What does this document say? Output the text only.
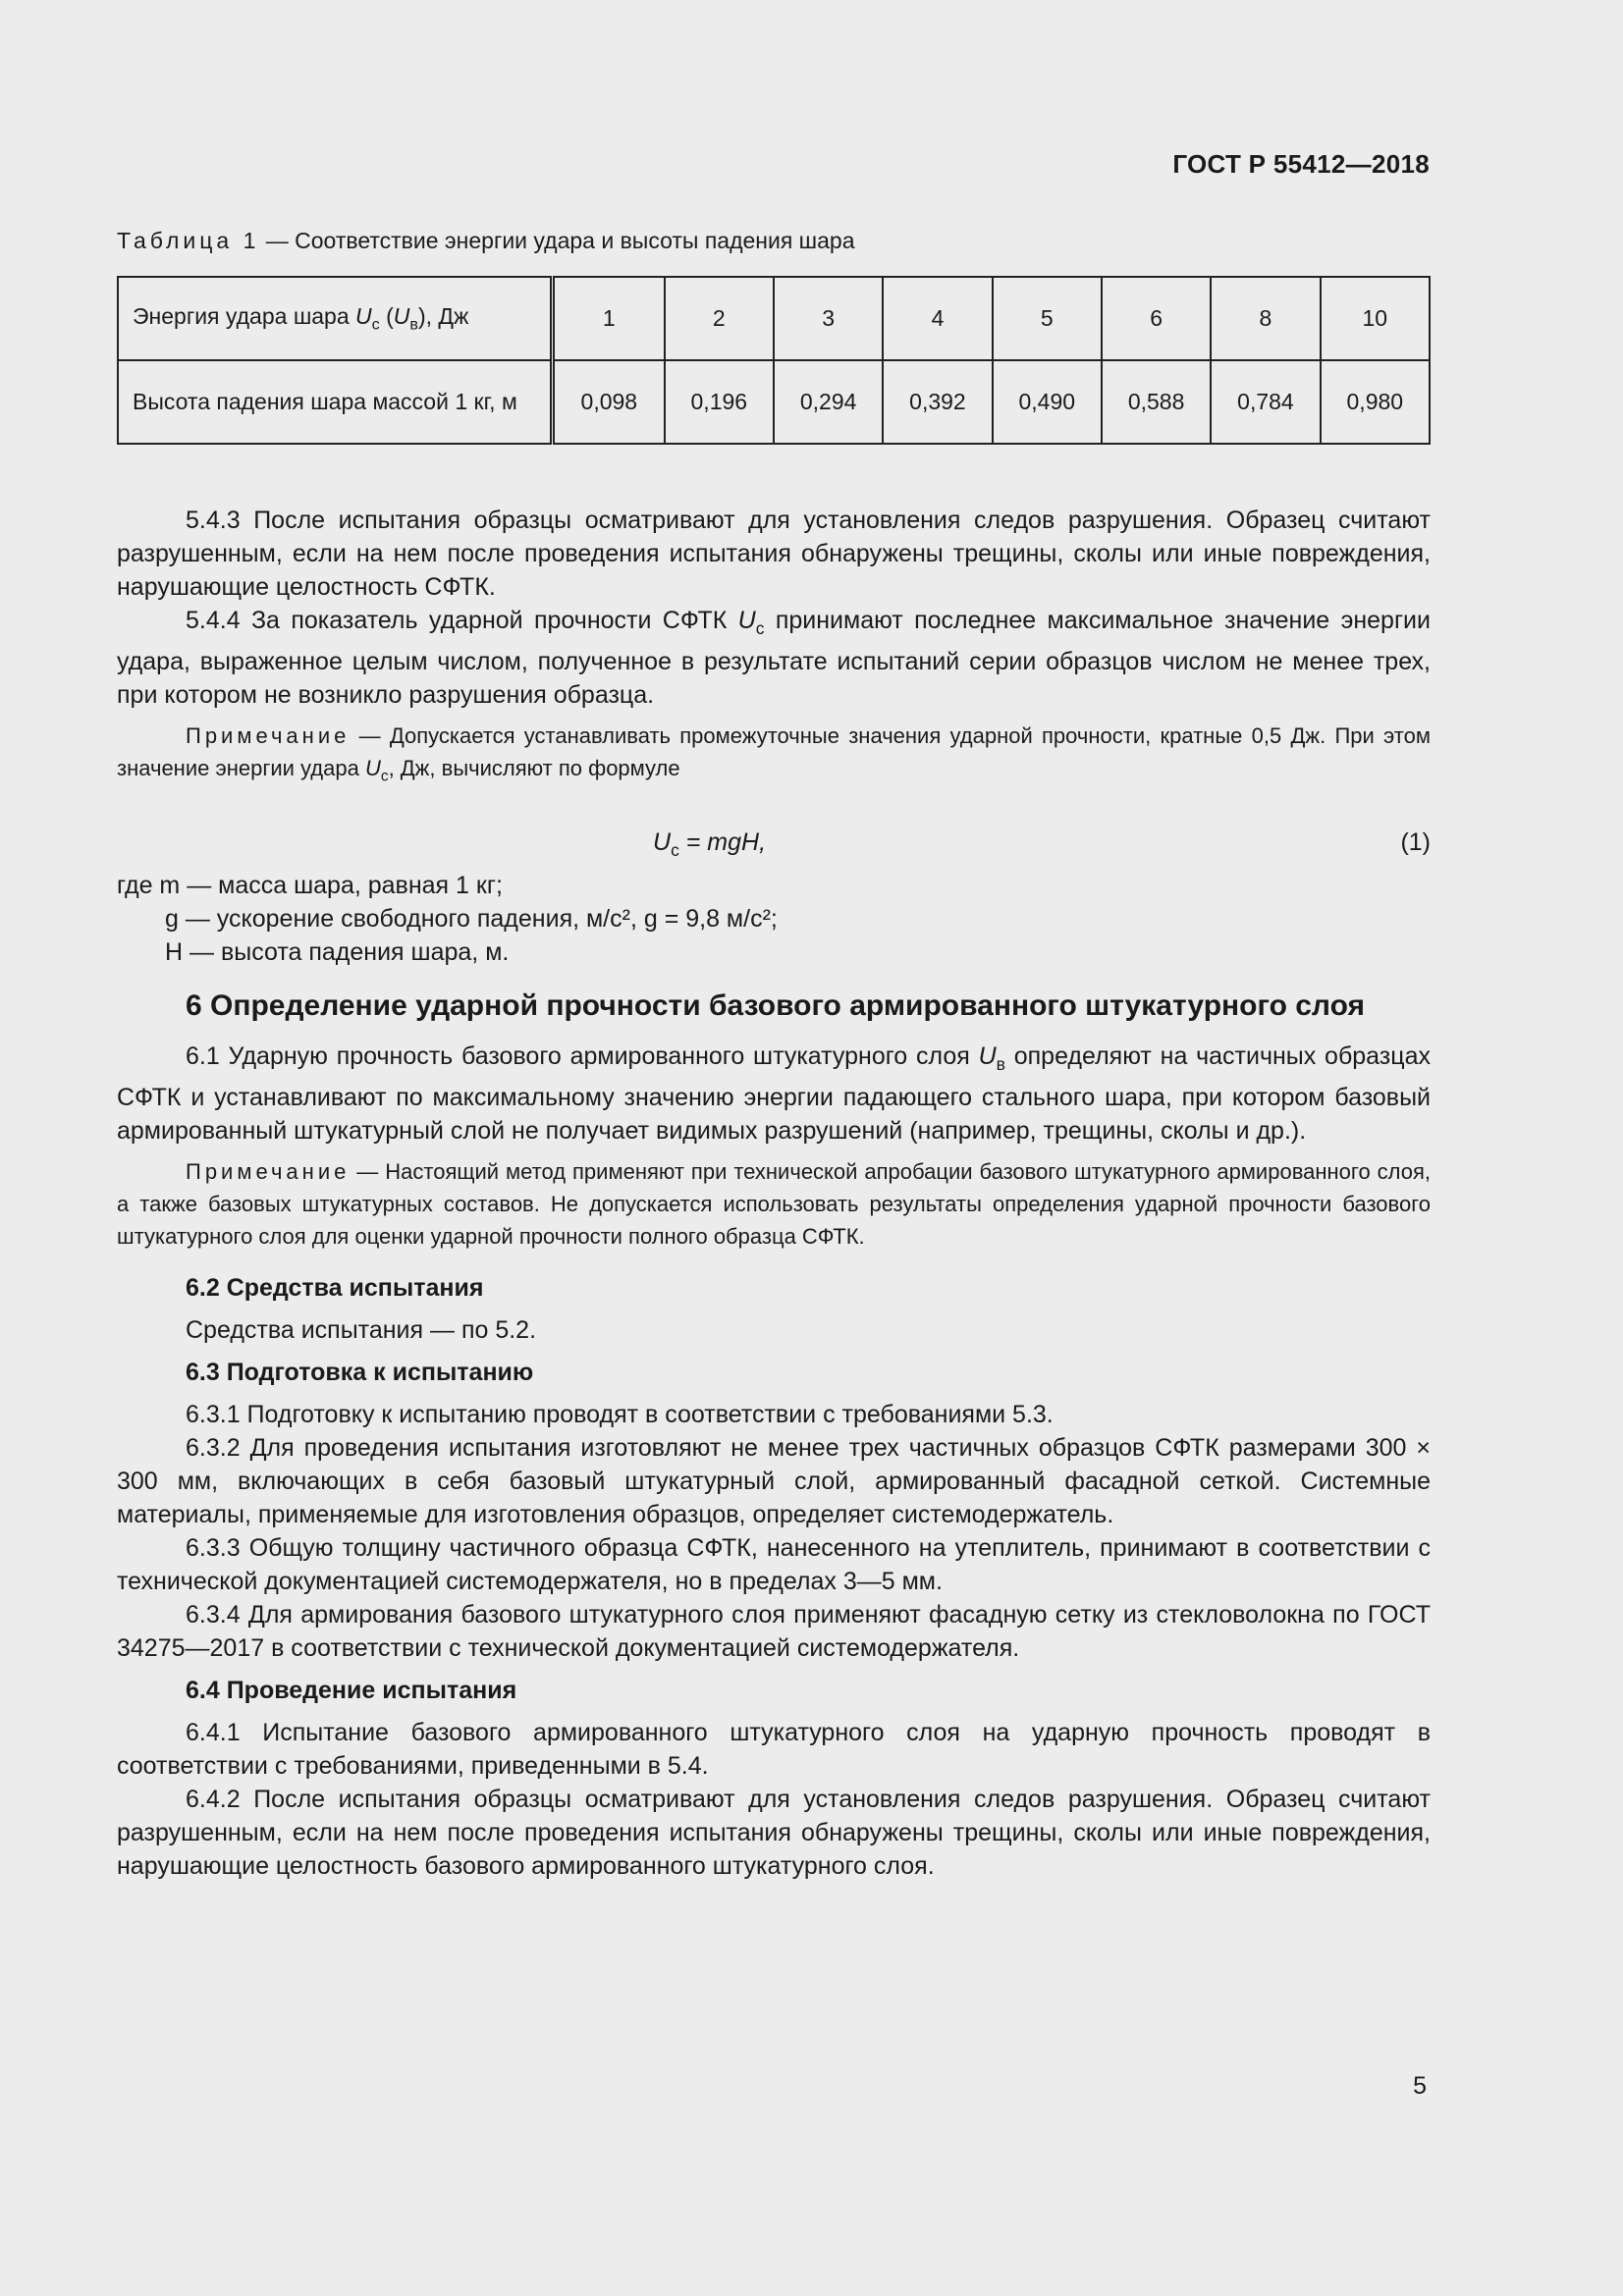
ГОСТ Р 55412—2018
Таблица 1 — Соответствие энергии удара и высоты падения шара
Энергия удара шара $U_c$ $(U_в)$, Дж	1	2	3	4	5	6	8	10
Высота падения шара массой 1 кг, м	0,098	0,196	0,294	0,392	0,490	0,588	0,784	0,980

5.4.3 После испытания образцы осматривают для установления следов разрушения. Образец считают разрушенным, если на нем после проведения испытания обнаружены трещины, сколы или иные повреждения, нарушающие целостность СФТК.

5.4.4 За показатель ударной прочности СФТК $U_c$ принимают последнее максимальное значение энергии удара, выраженное целым числом, полученное в результате испытаний серии образцов числом не менее трех, при котором не возникло разрушения образца.

Примечание — Допускается устанавливать промежуточные значения ударной прочности, кратные 0,5 Дж. При этом значение энергии удара $U_c$, Дж, вычисляют по формуле

$U_c$ = mgH,	(1)

где m — масса шара, равная 1 кг;

g — ускорение свободного падения, м/с², g = 9,8 м/с²;

H — высота падения шара, м.

6 Определение ударной прочности базового армированного штукатурного слоя

6.1 Ударную прочность базового армированного штукатурного слоя $U_в$ определяют на частичных образцах СФТК и устанавливают по максимальному значению энергии падающего стального шара, при котором базовый армированный штукатурный слой не получает видимых разрушений (например, трещины, сколы и др.).

Примечание — Настоящий метод применяют при технической апробации базового штукатурного армированного слоя, а также базовых штукатурных составов. Не допускается использовать результаты определения ударной прочности базового штукатурного слоя для оценки ударной прочности полного образца СФТК.

6.2 Средства испытания

Средства испытания — по 5.2.

6.3 Подготовка к испытанию

6.3.1 Подготовку к испытанию проводят в соответствии с требованиями 5.3.

6.3.2 Для проведения испытания изготовляют не менее трех частичных образцов СФТК размерами 300 × 300 мм, включающих в себя базовый штукатурный слой, армированный фасадной сеткой. Системные материалы, применяемые для изготовления образцов, определяет системодержатель.

6.3.3 Общую толщину частичного образца СФТК, нанесенного на утеплитель, принимают в соответствии с технической документацией системодержателя, но в пределах 3—5 мм.

6.3.4 Для армирования базового штукатурного слоя применяют фасадную сетку из стекловолокна по ГОСТ 34275—2017 в соответствии с технической документацией системодержателя.

6.4 Проведение испытания

6.4.1 Испытание базового армированного штукатурного слоя на ударную прочность проводят в соответствии с требованиями, приведенными в 5.4.

6.4.2 После испытания образцы осматривают для установления следов разрушения. Образец считают разрушенным, если на нем после проведения испытания обнаружены трещины, сколы или иные повреждения, нарушающие целостность базового армированного штукатурного слоя.

5
